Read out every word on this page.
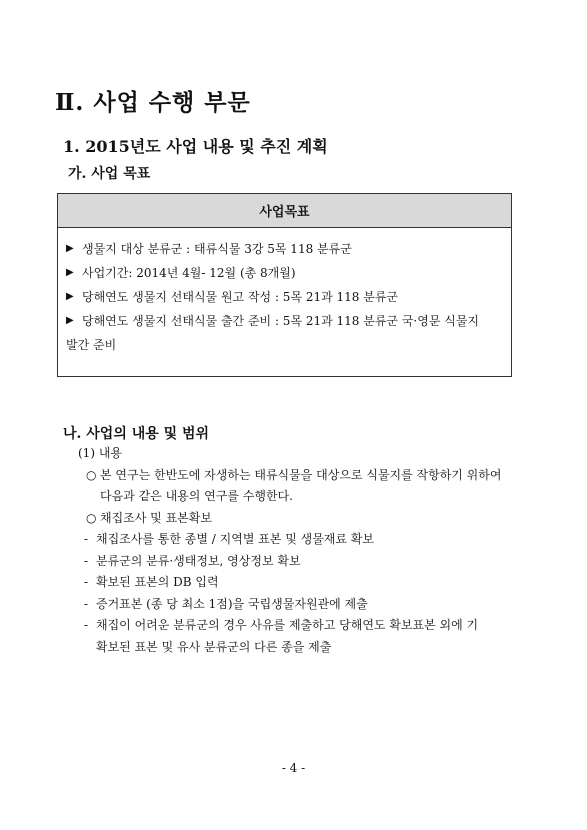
Ⅱ. 사업 수행 부문
1. 2015년도 사업 내용 및 추진 계획
가. 사업 목표
사업목표
▶ 생물지 대상 분류군 : 태류식물 3강 5목 118 분류군
▶ 사업기간: 2014년 4월- 12월 (총 8개월)
▶ 당해연도 생물지 선태식물 원고 작성 : 5목 21과 118 분류군
▶ 당해연도 생물지 선태식물 출간 준비 : 5목 21과 118 분류군 국·영문 식물지
발간 준비
나. 사업의 내용 및 범위
(1) 내용
○ 본 연구는 한반도에 자생하는 태류식물을 대상으로 식물지를 작항하기 위하여
다음과 같은 내용의 연구를 수행한다.
○ 채집조사 및 표본확보
- 채집조사를 통한 종별 / 지역별 표본 및 생물재료 확보
- 분류군의 분류·생태정보, 영상정보 확보
- 확보된 표본의 DB 입력
- 증거표본 (종 당 최소 1점)을 국립생물자원관에 제출
- 채집이 어려운 분류군의 경우 사유를 제출하고 당해연도 확보표본 외에 기
확보된 표본 및 유사 분류군의 다른 종을 제출
- 4 -
